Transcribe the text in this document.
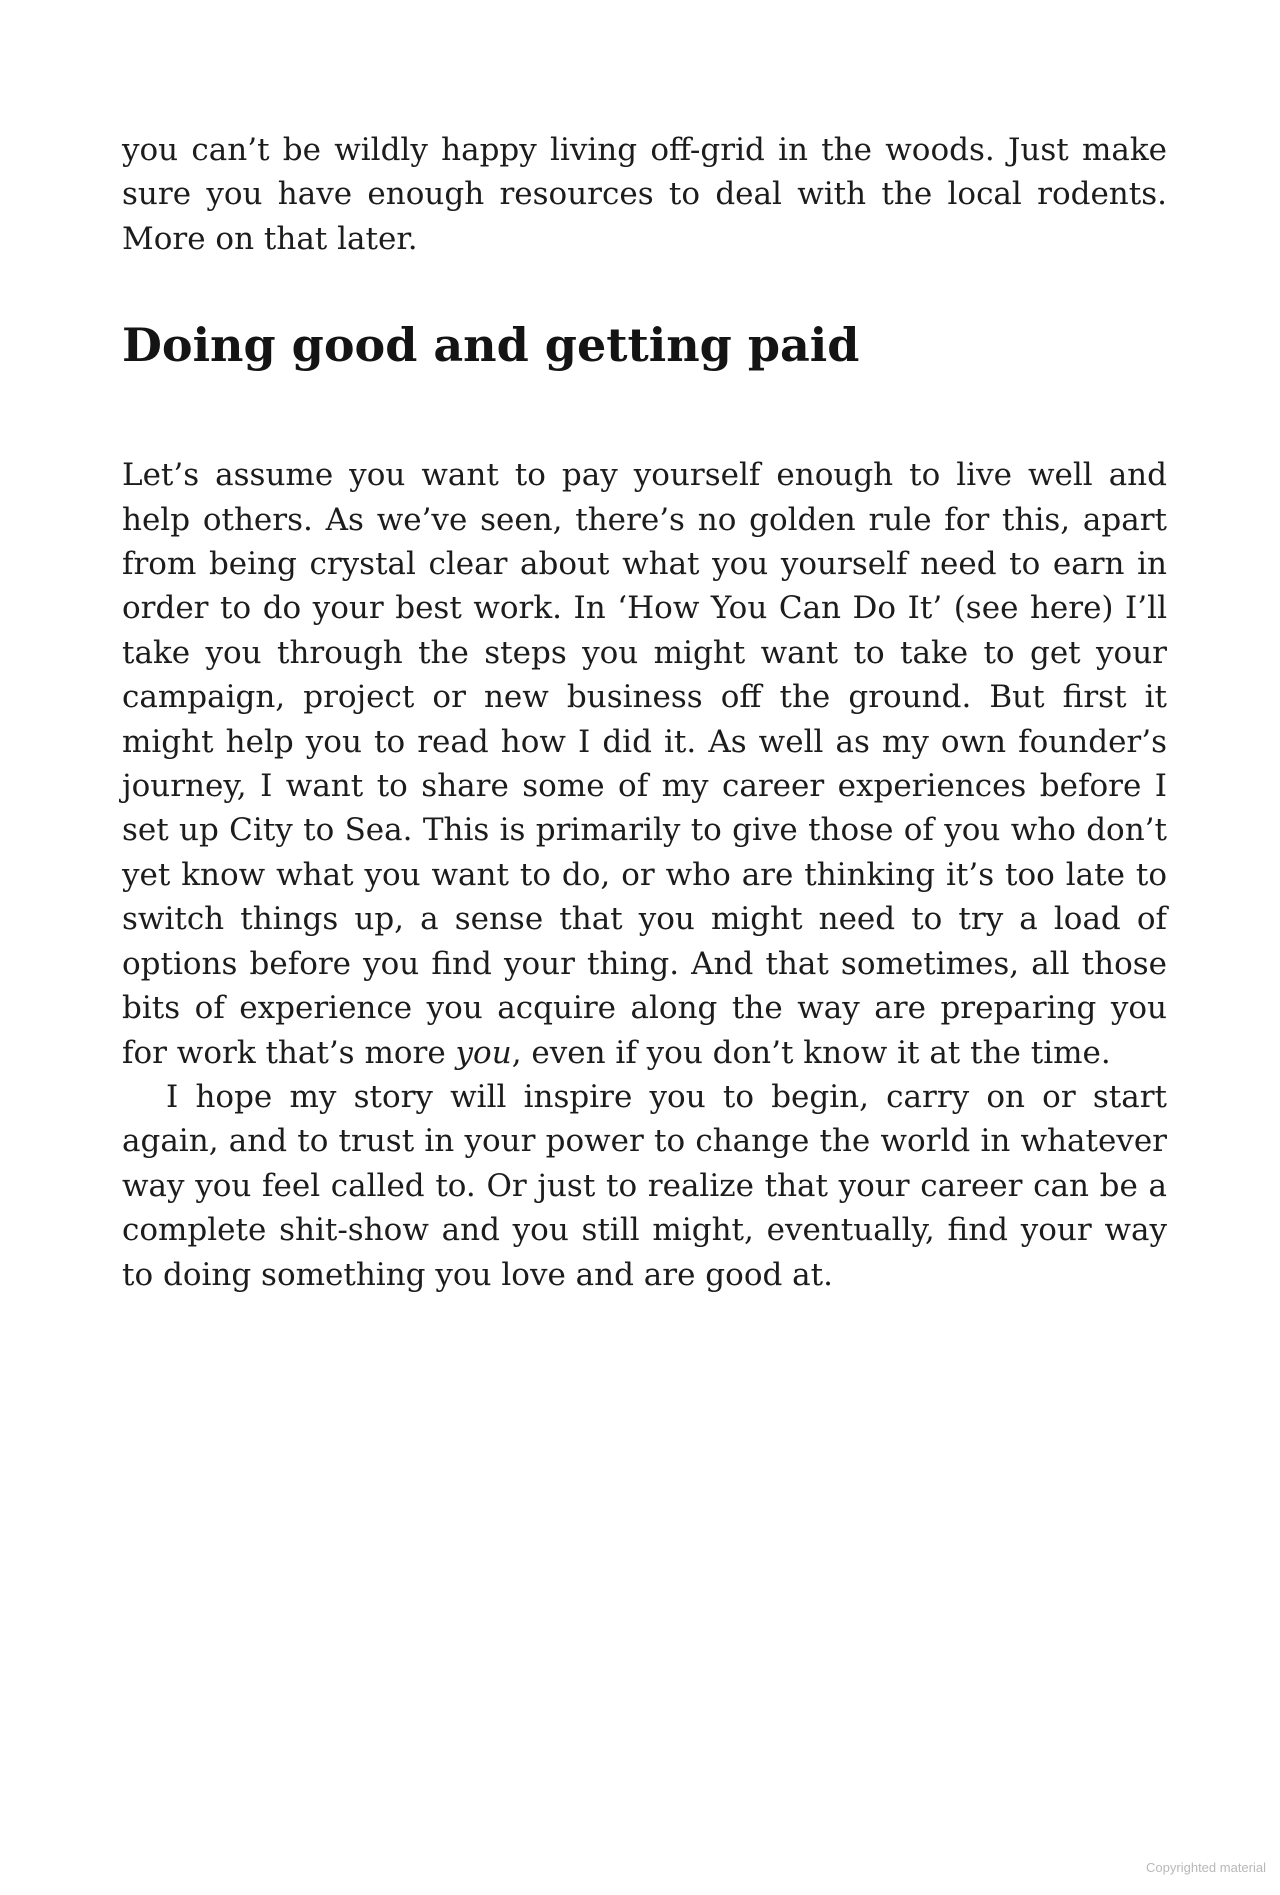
you can’t be wildly happy living off-grid in the woods. Just make sure you have enough resources to deal with the local rodents. More on that later.

Doing good and getting paid

Let’s assume you want to pay yourself enough to live well and help others. As we’ve seen, there’s no golden rule for this, apart from being crystal clear about what you yourself need to earn in order to do your best work. In ‘How You Can Do It’ (see here) I’ll take you through the steps you might want to take to get your campaign, project or new business off the ground. But first it might help you to read how I did it. As well as my own founder’s journey, I want to share some of my career experiences before I set up City to Sea. This is primarily to give those of you who don’t yet know what you want to do, or who are thinking it’s too late to switch things up, a sense that you might need to try a load of options before you find your thing. And that sometimes, all those bits of experience you acquire along the way are preparing you for work that’s more you, even if you don’t know it at the time.

I hope my story will inspire you to begin, carry on or start again, and to trust in your power to change the world in whatever way you feel called to. Or just to realize that your career can be a complete shit-show and you still might, eventually, find your way to doing something you love and are good at.

Copyrighted material
